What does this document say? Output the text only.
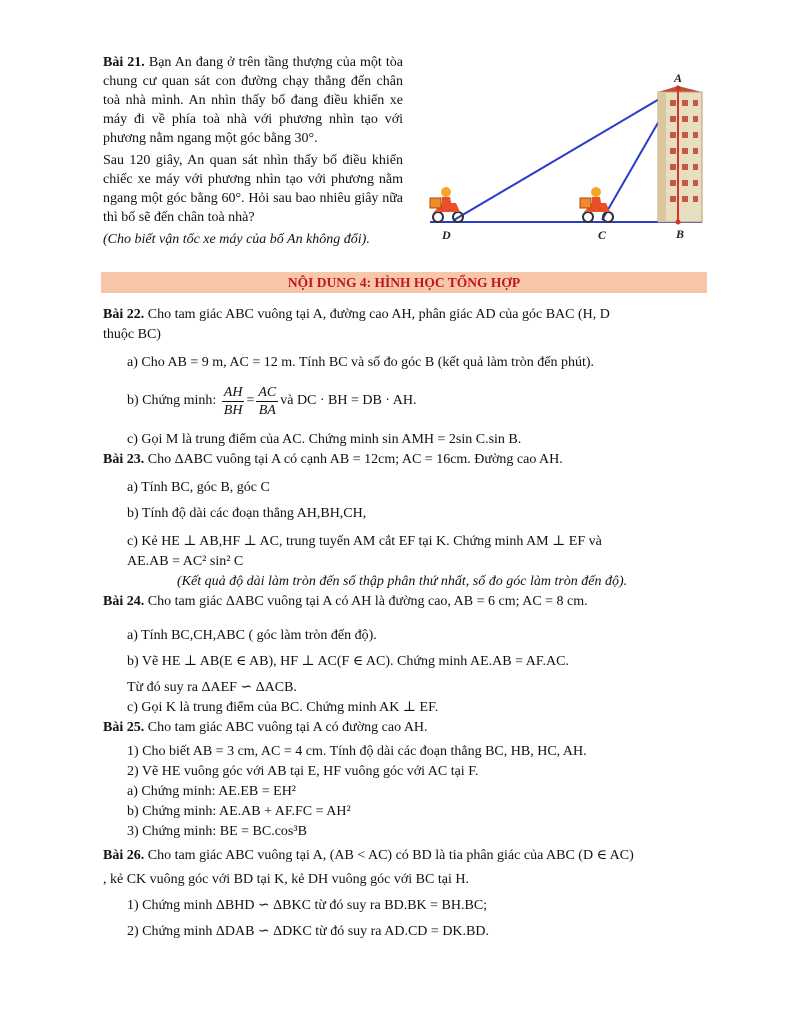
Bài 21. Bạn An đang ở trên tầng thượng của một tòa chung cư quan sát con đường chạy thẳng đến chân toà nhà mình. An nhìn thấy bố đang điều khiển xe máy đi về phía toà nhà với phương nhìn tạo với phương nằm ngang một góc bằng 30°.

Sau 120 giây, An quan sát nhìn thấy bố điều khiển chiếc xe máy với phương nhìn tạo với phương nằm ngang một góc bằng 60°. Hỏi sau bao nhiêu giây nữa thì bố sẽ đến chân toà nhà?

(Cho biết vận tốc xe máy của bố An không đổi).

A
B
C
D
NỘI DUNG 4: HÌNH HỌC TỔNG HỢP
Bài 22. Cho tam giác ABC vuông tại A, đường cao AH, phân giác AD của góc BAC (H, D
thuộc BC)
a) Cho AB = 9 m, AC = 12 m. Tính BC và số đo góc B (kết quả làm tròn đến phút).
b) Chứng minh:
$\frac{AH}{BH} = \frac{AC}{BA}$ và DC · BH = DB · AH.
c) Gọi M là trung điểm của AC. Chứng minh sin AMH = 2sin C.sin B.
Bài 23. Cho ΔABC vuông tại A có cạnh AB = 12cm; AC = 16cm. Đường cao AH.
a) Tính BC, góc B, góc C
b) Tính độ dài các đoạn thẳng AH,BH,CH,
c) Kẻ HE ⊥ AB,HF ⊥ AC, trung tuyến AM cắt EF tại K. Chứng minh AM ⊥ EF và
AE.AB = AC² sin² C
(Kết quả độ dài làm tròn đến số thập phân thứ nhất, số đo góc làm tròn đến độ).
Bài 24. Cho tam giác ΔABC vuông tại A có AH là đường cao, AB = 6 cm; AC = 8 cm.
a) Tính BC,CH,ABC ( góc làm tròn đến độ).
b) Vẽ HE ⊥ AB(E ∈ AB), HF ⊥ AC(F ∈ AC). Chứng minh AE.AB = AF.AC.
Từ đó suy ra ΔAEF ∽ ΔACB.
c) Gọi K là trung điểm của BC. Chứng minh AK ⊥ EF.
Bài 25. Cho tam giác ABC vuông tại A có đường cao AH.
1) Cho biết AB = 3 cm, AC = 4 cm. Tính độ dài các đoạn thẳng BC, HB, HC, AH.
2) Vẽ HE vuông góc với AB tại E, HF vuông góc với AC tại F.
a) Chứng minh: AE.EB = EH²
b) Chứng minh: AE.AB + AF.FC = AH²
3) Chứng minh: BE = BC.cos³B
Bài 26. Cho tam giác ABC vuông tại A, (AB < AC) có BD là tia phân giác của ABC (D ∈ AC)
, kẻ CK vuông góc với BD tại K, kẻ DH vuông góc với BC tại H.
1) Chứng minh ΔBHD ∽ ΔBKC từ đó suy ra BD.BK = BH.BC;
2) Chứng minh ΔDAB ∽ ΔDKC từ đó suy ra AD.CD = DK.BD.
